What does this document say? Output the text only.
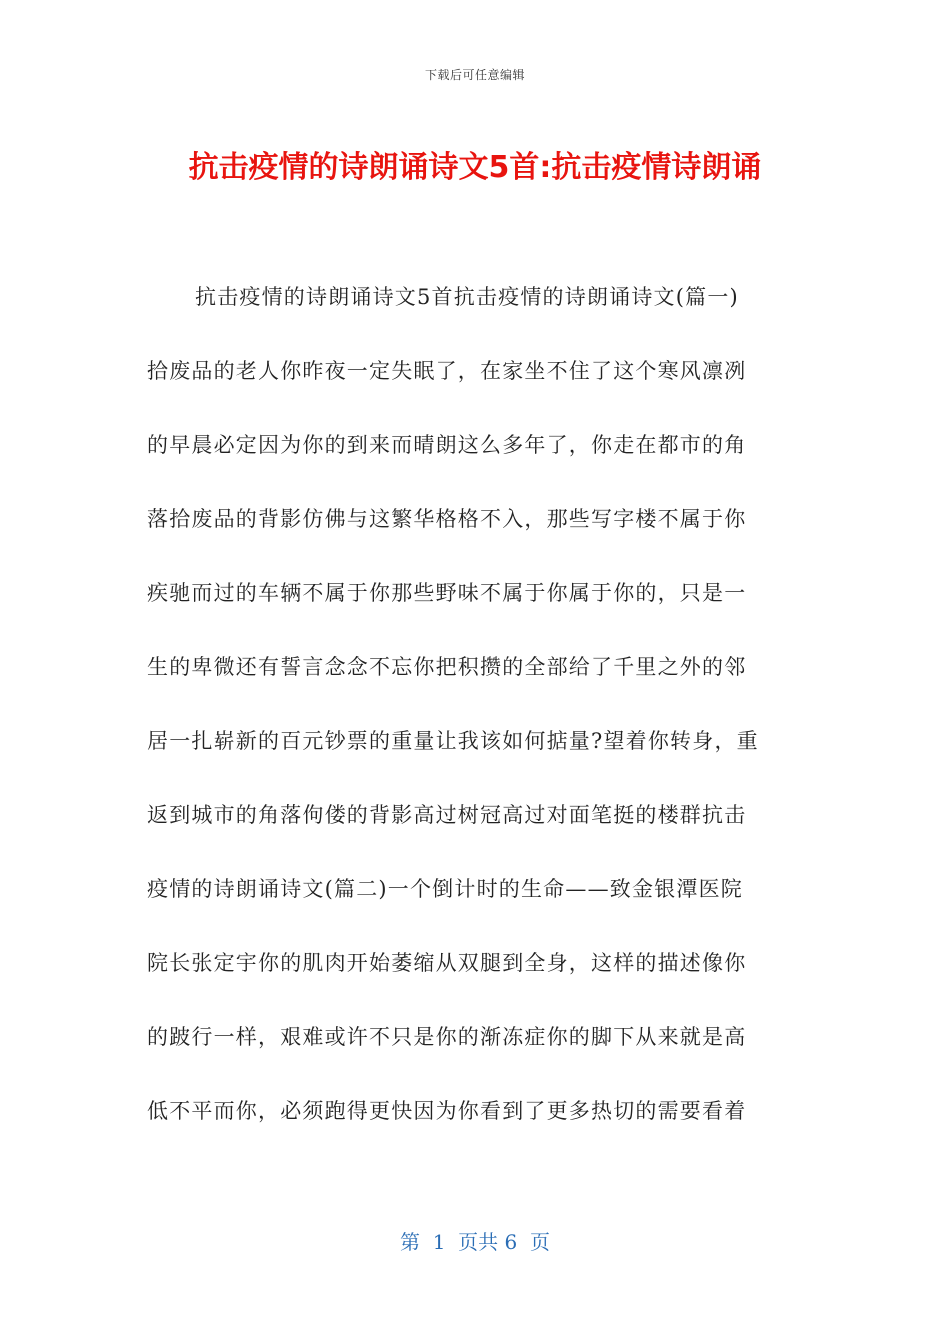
下载后可任意编辑
抗击疫情的诗朗诵诗文5首:抗击疫情诗朗诵
抗击疫情的诗朗诵诗文5首抗击疫情的诗朗诵诗文(篇一)
拾废品的老人你昨夜一定失眠了，在家坐不住了这个寒风凛冽
的早晨必定因为你的到来而晴朗这么多年了，你走在都市的角
落拾废品的背影仿佛与这繁华格格不入，那些写字楼不属于你
疾驰而过的车辆不属于你那些野味不属于你属于你的，只是一
生的卑微还有誓言念念不忘你把积攒的全部给了千里之外的邻
居一扎崭新的百元钞票的重量让我该如何掂量?望着你转身，重
返到城市的角落佝偻的背影高过树冠高过对面笔挺的楼群抗击
疫情的诗朗诵诗文(篇二)一个倒计时的生命——致金银潭医院
院长张定宇你的肌肉开始萎缩从双腿到全身，这样的描述像你
的跛行一样，艰难或许不只是你的渐冻症你的脚下从来就是高
低不平而你，必须跑得更快因为你看到了更多热切的需要看着
第  1  页共 6  页
